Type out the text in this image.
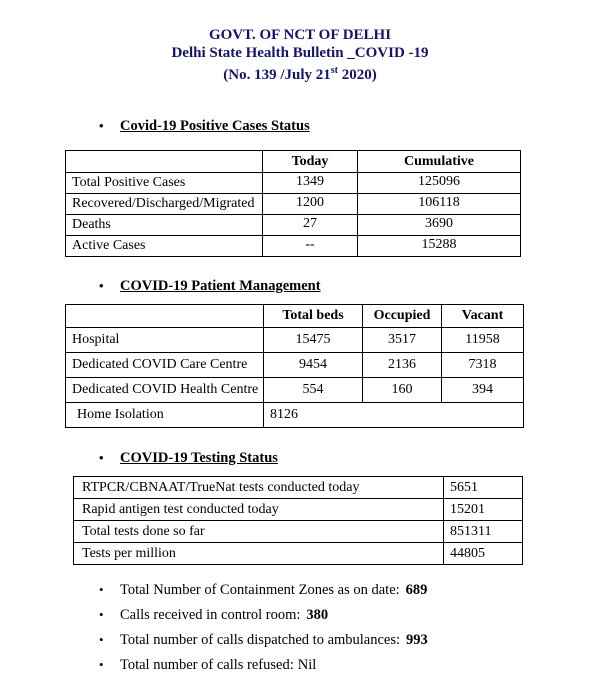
GOVT. OF NCT OF DELHI
Delhi State Health Bulletin _COVID -19
(No. 139 /July 21st 2020)
• Covid-19 Positive Cases Status
	Today	Cumulative
Total Positive Cases	1349	125096
Recovered/Discharged/Migrated	1200	106118
Deaths	27	3690
Active Cases	--	15288
• COVID-19 Patient Management
	Total beds	Occupied	Vacant
Hospital	15475	3517	11958
Dedicated COVID Care Centre	9454	2136	7318
Dedicated COVID Health Centre	554	160	394
Home Isolation	8126		
• COVID-19 Testing Status
RTPCR/CBNAAT/TrueNat tests conducted today	5651
Rapid antigen test conducted today	15201
Total tests done so far	851311
Tests per million	44805
• Total Number of Containment Zones as on date: 689
• Calls received in control room: 380
• Total number of calls dispatched to ambulances: 993
• Total number of calls refused: Nil
